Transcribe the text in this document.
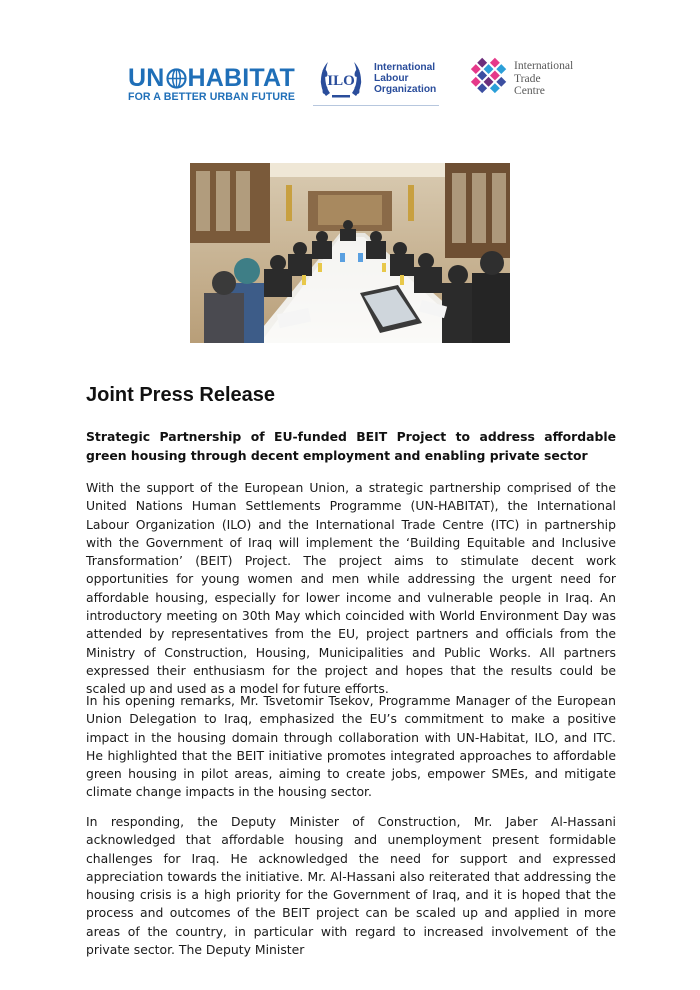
UN HABITAT
FOR A BETTER URBAN FUTURE
ILO
International
Labour
Organization
International
Trade
Centre
Joint Press Release

Strategic Partnership of EU-funded BEIT Project to address affordable green housing through decent employment and enabling private sector

With the support of the European Union, a strategic partnership comprised of the United Nations Human Settlements Programme (UN-HABITAT), the International Labour Organization (ILO) and the International Trade Centre (ITC) in partnership with the Government of Iraq will implement the ‘Building Equitable and Inclusive Transformation’ (BEIT) Project. The project aims to stimulate decent work opportunities for young women and men while addressing the urgent need for affordable housing, especially for lower income and vulnerable people in Iraq. An introductory meeting on 30th May which coincided with World Environment Day was attended by representatives from the EU, project partners and officials from the Ministry of Construction, Housing, Municipalities and Public Works. All partners expressed their enthusiasm for the project and hopes that the results could be scaled up and used as a model for future efforts.

In his opening remarks, Mr. Tsvetomir Tsekov, Programme Manager of the European Union Delegation to Iraq, emphasized the EU’s commitment to make a positive impact in the housing domain through collaboration with UN-Habitat, ILO, and ITC. He highlighted that the BEIT initiative promotes integrated approaches to affordable green housing in pilot areas, aiming to create jobs, empower SMEs, and mitigate climate change impacts in the housing sector.

In responding, the Deputy Minister of Construction, Mr. Jaber Al-Hassani acknowledged that affordable housing and unemployment present formidable challenges for Iraq. He acknowledged the need for support and expressed appreciation towards the initiative. Mr. Al-Hassani also reiterated that addressing the housing crisis is a high priority for the Government of Iraq, and it is hoped that the process and outcomes of the BEIT project can be scaled up and applied in more areas of the country, in particular with regard to increased involvement of the private sector. The Deputy Minister
